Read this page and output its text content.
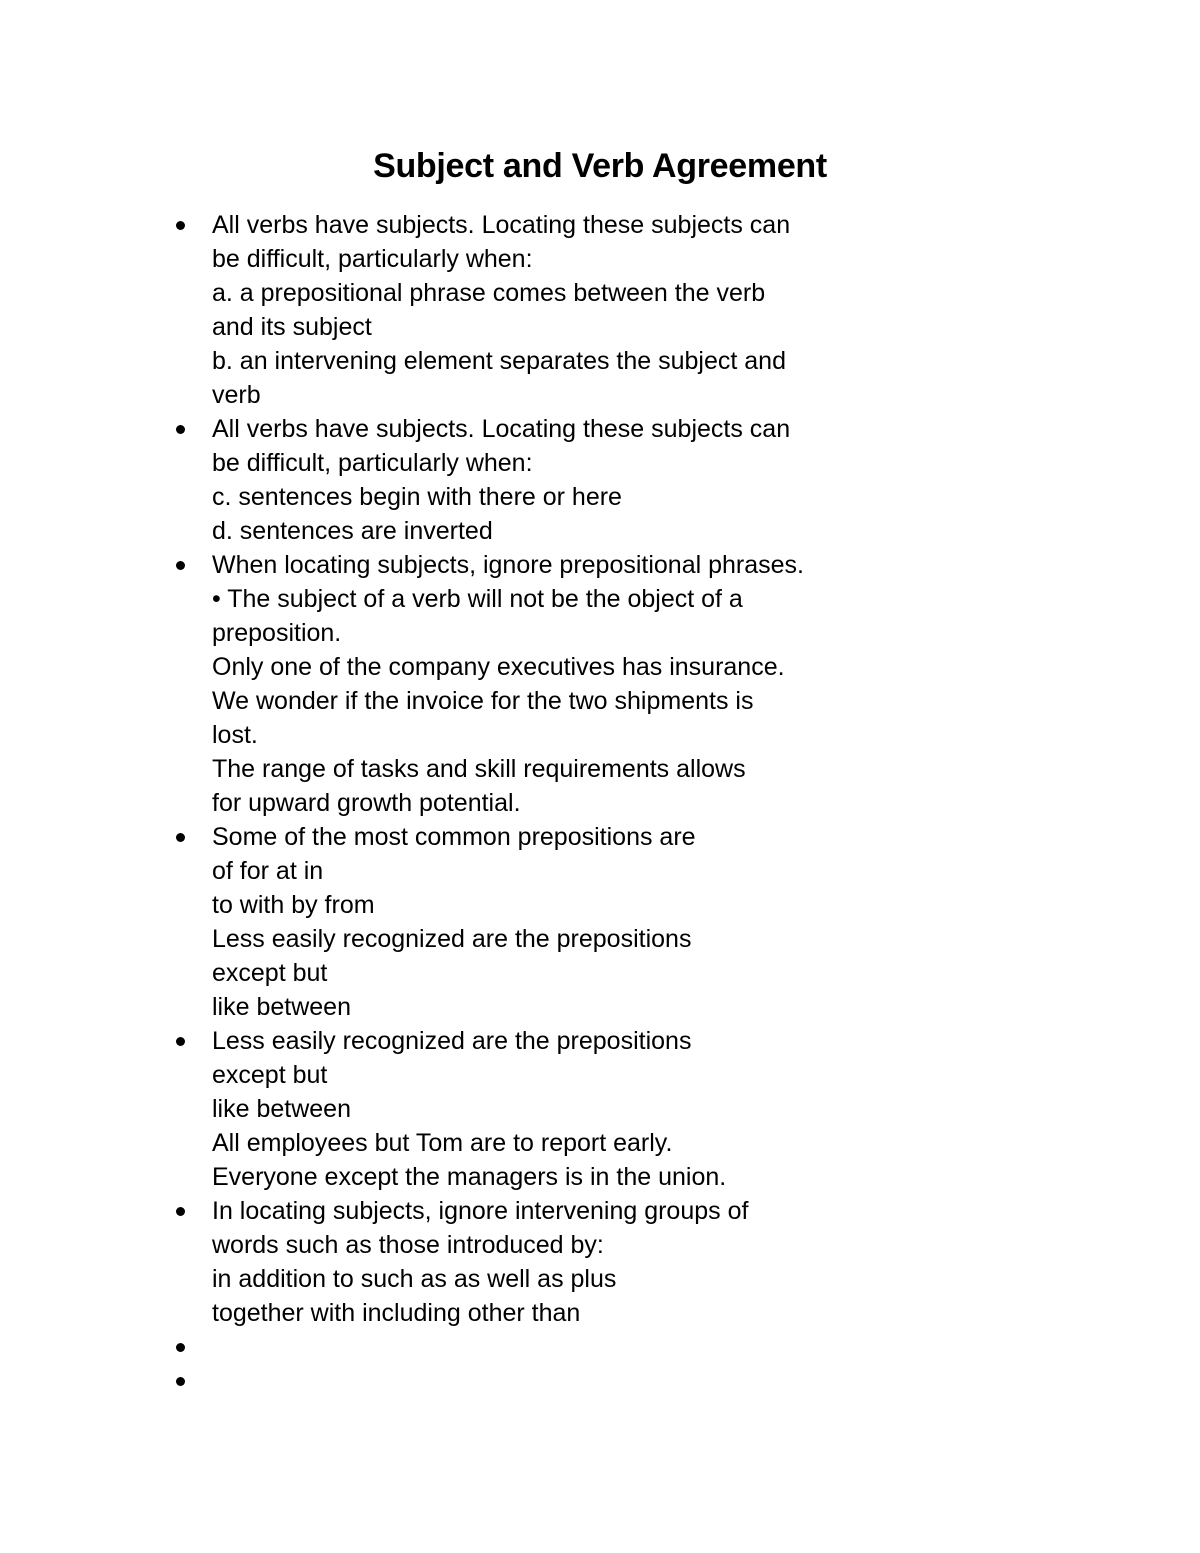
Subject and Verb Agreement
All verbs have subjects. Locating these subjects can
be difficult, particularly when:
a. a prepositional phrase comes between the verb
and its subject
b. an intervening element separates the subject and
verb
All verbs have subjects. Locating these subjects can
be difficult, particularly when:
c. sentences begin with there or here
d. sentences are inverted
When locating subjects, ignore prepositional phrases.
• The subject of a verb will not be the object of a
preposition.
Only one of the company executives has insurance.
We wonder if the invoice for the two shipments is
lost.
The range of tasks and skill requirements allows
for upward growth potential.
Some of the most common prepositions are
of for at in
to with by from
Less easily recognized are the prepositions
except but
like between
Less easily recognized are the prepositions
except but
like between
All employees but Tom are to report early.
Everyone except the managers is in the union.
In locating subjects, ignore intervening groups of
words such as those introduced by:
in addition to such as as well as plus
together with including other than
